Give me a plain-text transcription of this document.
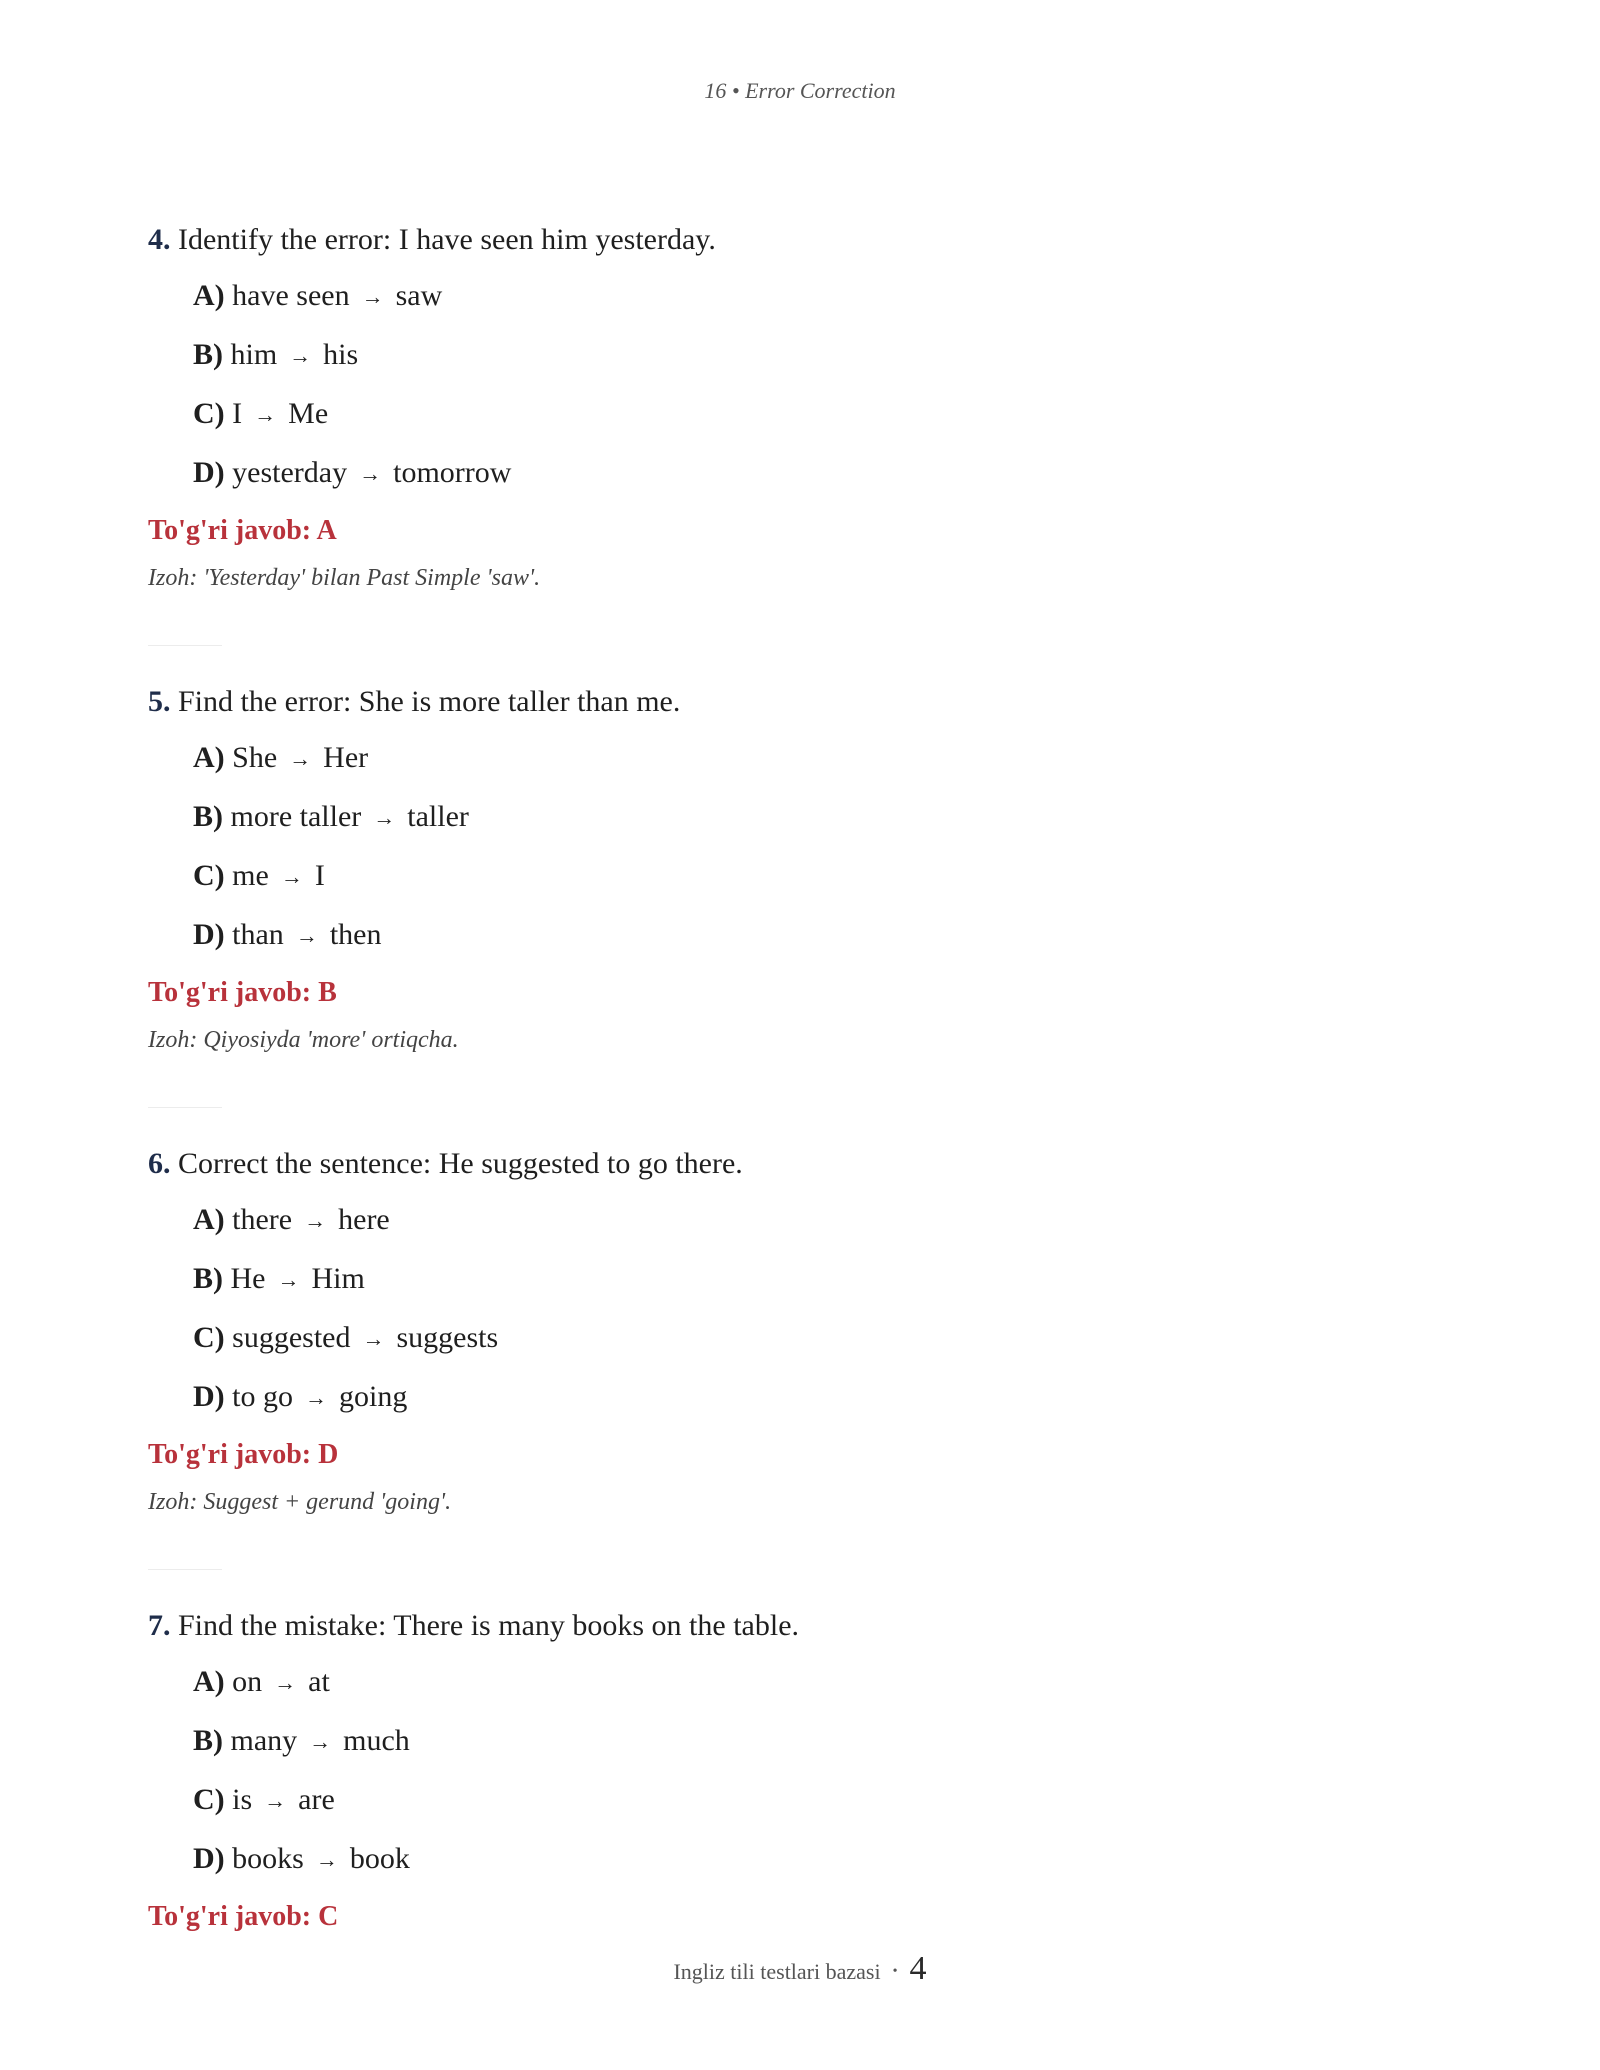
16 • Error Correction

4. Identify the error: I have seen him yesterday.

A) have seen → saw
B) him → his
C) I → Me
D) yesterday → tomorrow

To'g'ri javob: A

Izoh: 'Yesterday' bilan Past Simple 'saw'.

5. Find the error: She is more taller than me.

A) She → Her
B) more taller → taller
C) me → I
D) than → then

To'g'ri javob: B

Izoh: Qiyosiyda 'more' ortiqcha.

6. Correct the sentence: He suggested to go there.

A) there → here
B) He → Him
C) suggested → suggests
D) to go → going

To'g'ri javob: D

Izoh: Suggest + gerund 'going'.

7. Find the mistake: There is many books on the table.

A) on → at
B) many → much
C) is → are
D) books → book

To'g'ri javob: C

Ingliz tili testlari bazasi • 4
